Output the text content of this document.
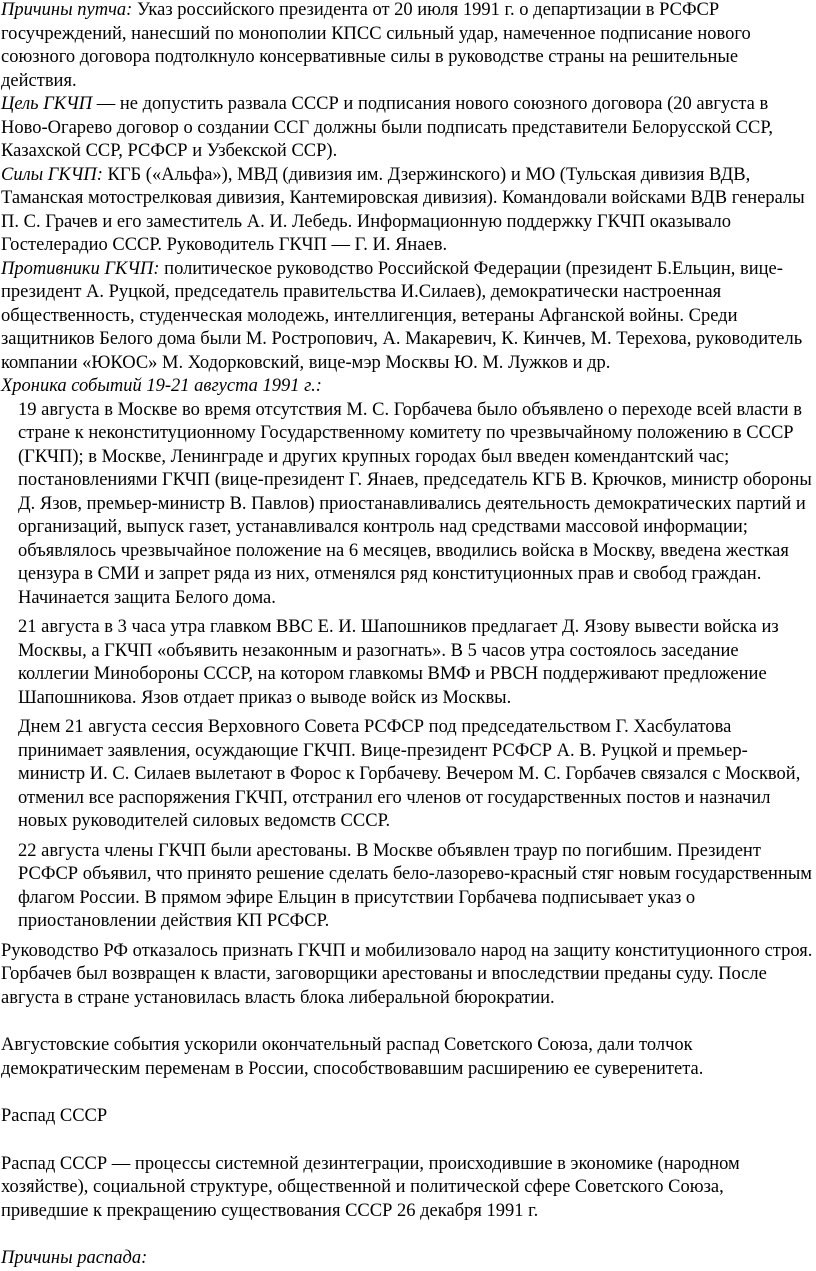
Причины путча: Указ российского президента от 20 июля 1991 г. о департизации в РСФСР госучреждений, нанесший по монополии КПСС сильный удар, намеченное подписание нового союзного договора подтолкнуло консервативные силы в руководстве страны на решительные действия.

Цель ГКЧП — не допустить развала СССР и подписания нового союзного договора (20 августа в Ново-Огарево договор о создании ССГ должны были подписать представители Белорусской ССР, Казахской ССР, РСФСР и Узбекской ССР).

Силы ГКЧП: КГБ («Альфа»), МВД (дивизия им. Дзержинского) и МО (Тульская дивизия ВДВ, Таманская мотострелковая дивизия, Кантемировская дивизия). Командовали войсками ВДВ генералы П. С. Грачев и его заместитель А. И. Лебедь. Информационную поддержку ГКЧП оказывало Гостелерадио СССР. Руководитель ГКЧП — Г. И. Янаев.

Противники ГКЧП: политическое руководство Российской Федерации (президент Б.Ельцин, вице-президент А. Руцкой, председатель правительства И.Силаев), демократически настроенная общественность, студенческая молодежь, интеллигенция, ветераны Афганской войны. Среди защитников Белого дома были М. Ростропович, А. Макаревич, К. Кинчев, М. Терехова, руководитель компании «ЮКОС» М. Ходорковский, вице-мэр Москвы Ю. М. Лужков и др.

Хроника событий 19-21 августа 1991 г.:

19 августа в Москве во время отсутствия М. С. Горбачева было объявлено о переходе всей власти в стране к неконституционному Государственному комитету по чрезвычайному положению в СССР (ГКЧП); в Москве, Ленинграде и других крупных городах был введен комендантский час; постановлениями ГКЧП (вице-президент Г. Янаев, председатель КГБ В. Крючков, министр обороны Д. Язов, премьер-министр В. Павлов) приостанавливались деятельность демократических партий и организаций, выпуск газет, устанавливался контроль над средствами массовой информации; объявлялось чрезвычайное положение на 6 месяцев, вводились войска в Москву, введена жесткая цензура в СМИ и запрет ряда из них, отменялся ряд конституционных прав и свобод граждан. Начинается защита Белого дома.

21 августа в 3 часа утра главком ВВС Е. И. Шапошников предлагает Д. Язову вывести войска из Москвы, а ГКЧП «объявить незаконным и разогнать». В 5 часов утра состоялось заседание коллегии Минобороны СССР, на котором главкомы ВМФ и РВСН поддерживают предложение Шапошникова. Язов отдает приказ о выводе войск из Москвы.

Днем 21 августа сессия Верховного Совета РСФСР под председательством Г. Хасбулатова принимает заявления, осуждающие ГКЧП. Вице-президент РСФСР А. В. Руцкой и премьер-министр И. С. Силаев вылетают в Форос к Горбачеву. Вечером М. С. Горбачев связался с Москвой, отменил все распоряжения ГКЧП, отстранил его членов от государственных постов и назначил новых руководителей силовых ведомств СССР.

22 августа члены ГКЧП были арестованы. В Москве объявлен траур по погибшим. Президент РСФСР объявил, что принято решение сделать бело-лазорево-красный стяг новым государственным флагом России. В прямом эфире Ельцин в присутствии Горбачева подписывает указ о приостановлении действия КП РСФСР.

Руководство РФ отказалось признать ГКЧП и мобилизовало народ на защиту конституционного строя. Горбачев был возвращен к власти, заговорщики арестованы и впоследствии преданы суду. После августа в стране установилась власть блока либеральной бюрократии.

Августовские события ускорили окончательный распад Советского Союза, дали толчок демократическим переменам в России, способствовавшим расширению ее суверенитета.

Распад СССР

Распад СССР — процессы системной дезинтеграции, происходившие в экономике (народном хозяйстве), социальной структуре, общественной и политической сфере Советского Союза, приведшие к прекращению существования СССР 26 декабря 1991 г.

Причины распада:
